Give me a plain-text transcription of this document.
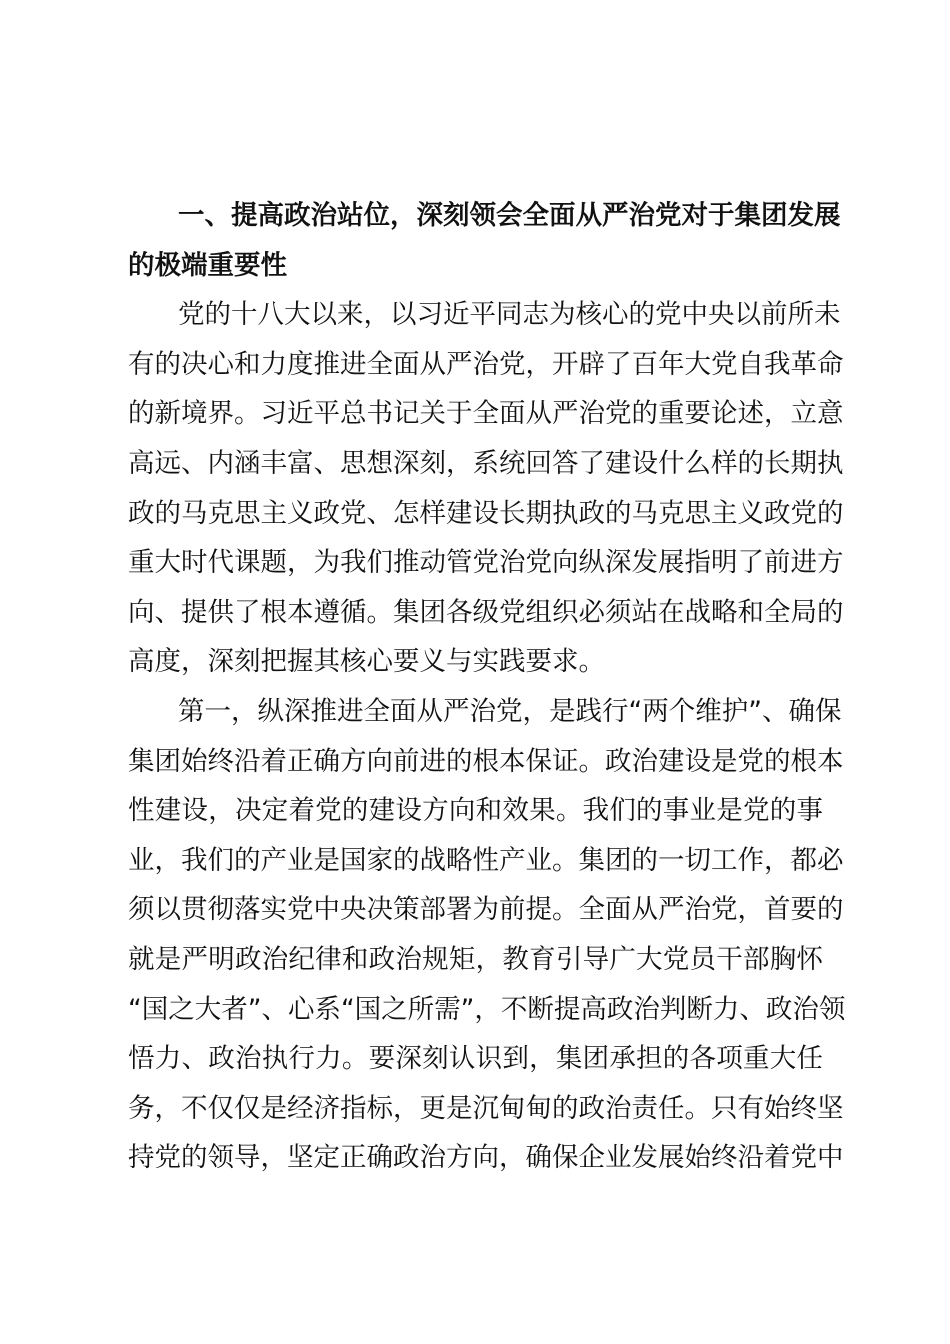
一、提高政治站位，深刻领会全面从严治党对于集团发展
的极端重要性
党的十八大以来，以习近平同志为核心的党中央以前所未
有的决心和力度推进全面从严治党，开辟了百年大党自我革命
的新境界。习近平总书记关于全面从严治党的重要论述，立意
高远、内涵丰富、思想深刻，系统回答了建设什么样的长期执
政的马克思主义政党、怎样建设长期执政的马克思主义政党的
重大时代课题，为我们推动管党治党向纵深发展指明了前进方
向、提供了根本遵循。集团各级党组织必须站在战略和全局的
高度，深刻把握其核心要义与实践要求。
第一，纵深推进全面从严治党，是践行“两个维护”、确保
集团始终沿着正确方向前进的根本保证。政治建设是党的根本
性建设，决定着党的建设方向和效果。我们的事业是党的事
业，我们的产业是国家的战略性产业。集团的一切工作，都必
须以贯彻落实党中央决策部署为前提。全面从严治党，首要的
就是严明政治纪律和政治规矩，教育引导广大党员干部胸怀
“国之大者”、心系“国之所需”，不断提高政治判断力、政治领
悟力、政治执行力。要深刻认识到，集团承担的各项重大任
务，不仅仅是经济指标，更是沉甸甸的政治责任。只有始终坚
持党的领导，坚定正确政治方向，确保企业发展始终沿着党中
